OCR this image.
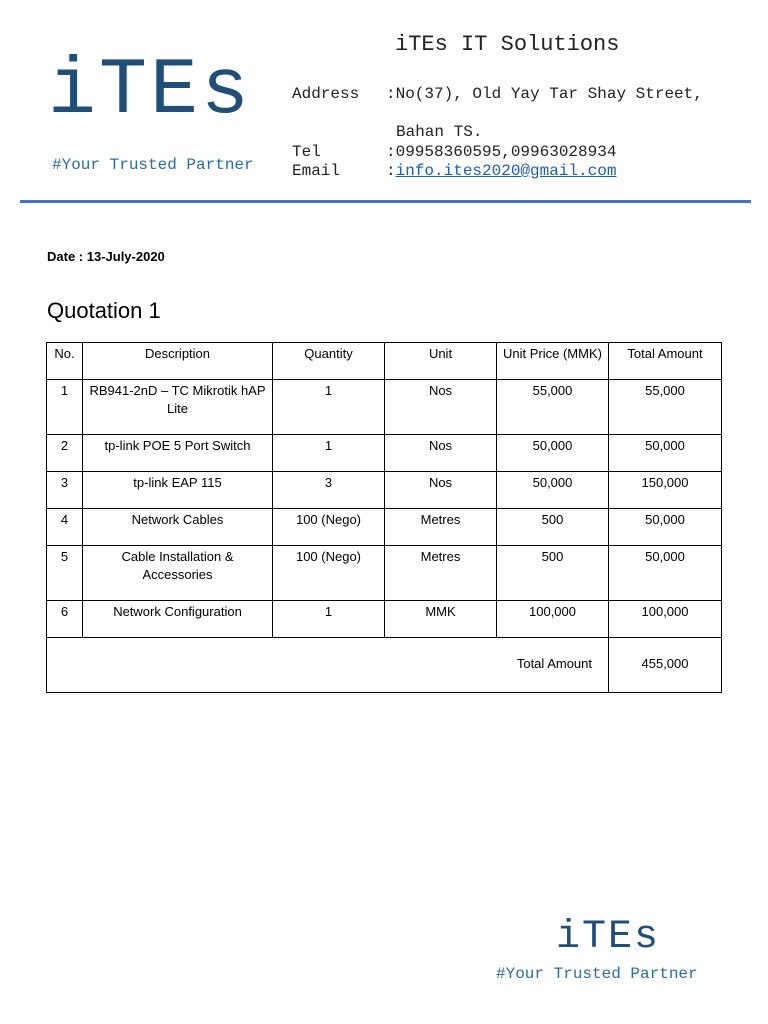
iTEs
#Your Trusted Partner
iTEs IT Solutions
Address :No(37), Old Yay Tar Shay Street,
Bahan TS.
Tel	:09958360595,09963028934
Email	:info.ites2020@gmail.com
Date : 13-July-2020
Quotation 1
No.	Description	Quantity	Unit	Unit Price (MMK)	Total Amount
1	RB941-2nD – TC Mikrotik hAP Lite	1	Nos	55,000	55,000
2	tp-link POE 5 Port Switch	1	Nos	50,000	50,000
3	tp-link EAP 115	3	Nos	50,000	150,000
4	Network Cables	100 (Nego)	Metres	500	50,000
5	Cable Installation & Accessories	100 (Nego)	Metres	500	50,000
6	Network Configuration	1	MMK	100,000	100,000
Total Amount					455,000
iTEs
#Your Trusted Partner
